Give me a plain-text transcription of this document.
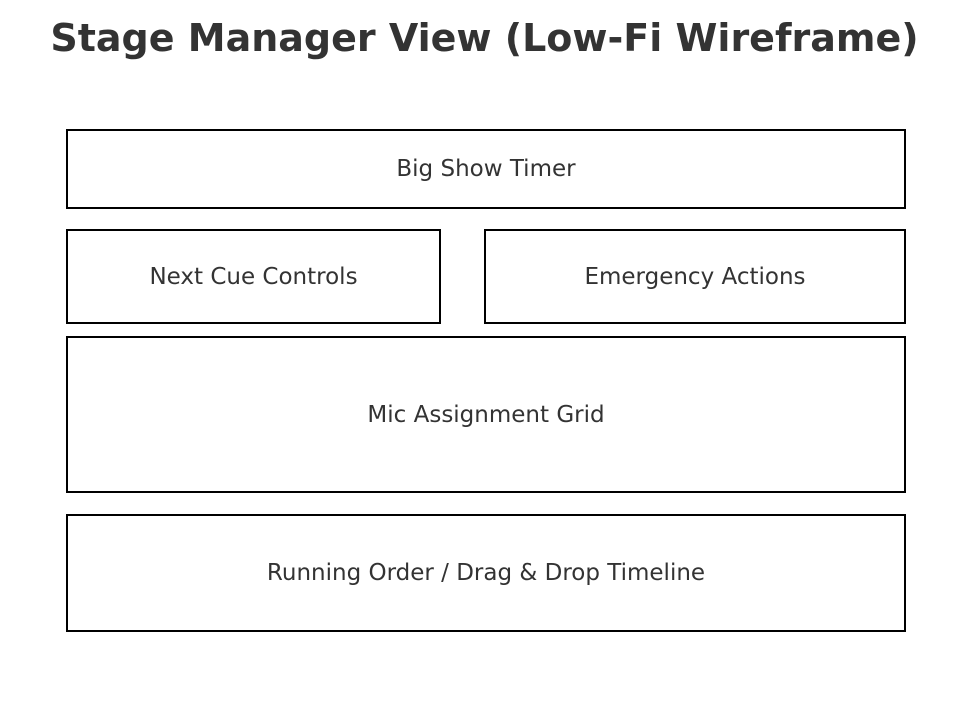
Stage Manager View (Low-Fi Wireframe)
Big Show Timer
Next Cue Controls	Emergency Actions
Mic Assignment Grid
Running Order / Drag & Drop Timeline
